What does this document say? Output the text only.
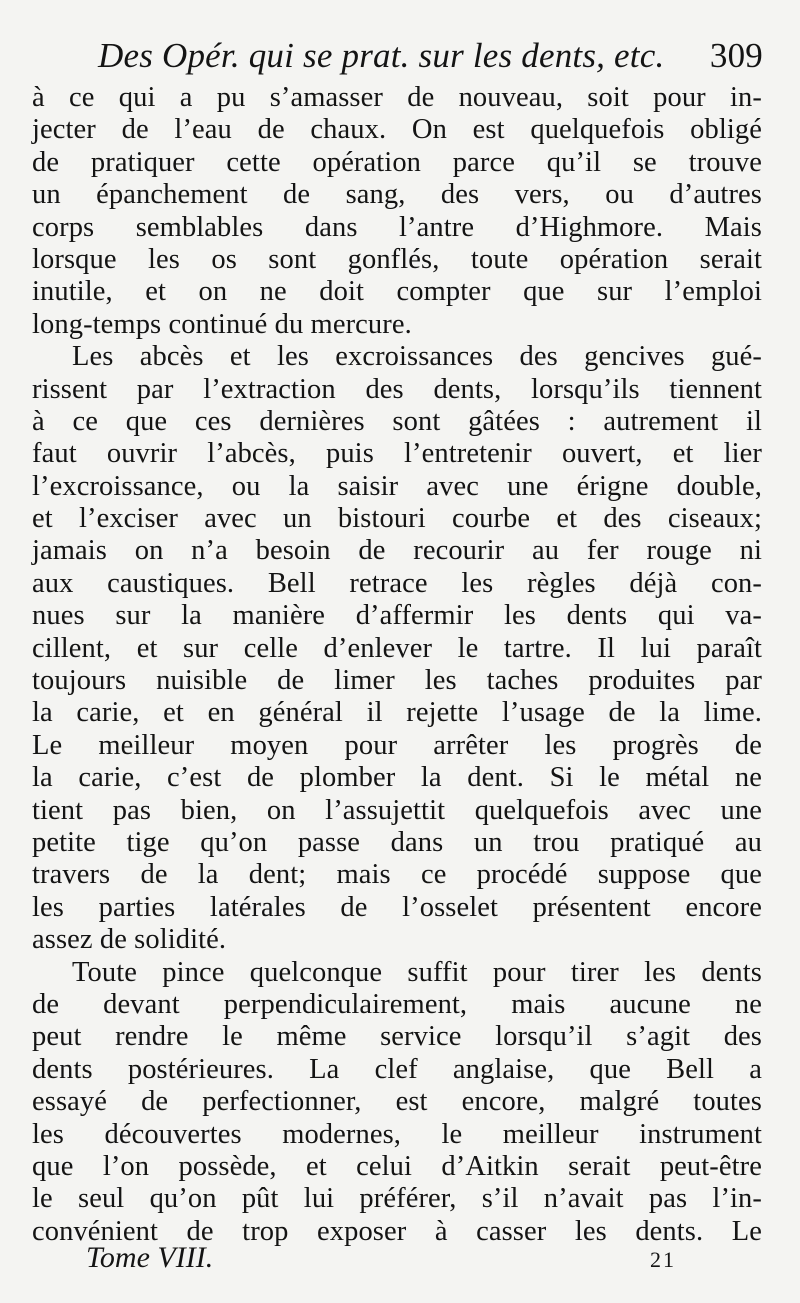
Des Opér. qui se prat. sur les dents, etc. 309
à ce qui a pu s’amasser de nouveau, soit pour in-
jecter de l’eau de chaux. On est quelquefois obligé
de pratiquer cette opération parce qu’il se trouve
un épanchement de sang, des vers, ou d’autres
corps semblables dans l’antre d’Highmore. Mais
lorsque les os sont gonflés, toute opération serait
inutile, et on ne doit compter que sur l’emploi
long-temps continué du mercure.
Les abcès et les excroissances des gencives gué-
rissent par l’extraction des dents, lorsqu’ils tiennent
à ce que ces dernières sont gâtées : autrement il
faut ouvrir l’abcès, puis l’entretenir ouvert, et lier
l’excroissance, ou la saisir avec une érigne double,
et l’exciser avec un bistouri courbe et des ciseaux;
jamais on n’a besoin de recourir au fer rouge ni
aux caustiques. Bell retrace les règles déjà con-
nues sur la manière d’affermir les dents qui va-
cillent, et sur celle d’enlever le tartre. Il lui paraît
toujours nuisible de limer les taches produites par
la carie, et en général il rejette l’usage de la lime.
Le meilleur moyen pour arrêter les progrès de
la carie, c’est de plomber la dent. Si le métal ne
tient pas bien, on l’assujettit quelquefois avec une
petite tige qu’on passe dans un trou pratiqué au
travers de la dent; mais ce procédé suppose que
les parties latérales de l’osselet présentent encore
assez de solidité.
Toute pince quelconque suffit pour tirer les dents
de devant perpendiculairement, mais aucune ne
peut rendre le même service lorsqu’il s’agit des
dents postérieures. La clef anglaise, que Bell a
essayé de perfectionner, est encore, malgré toutes
les découvertes modernes, le meilleur instrument
que l’on possède, et celui d’Aitkin serait peut-être
le seul qu’on pût lui préférer, s’il n’avait pas l’in-
convénient de trop exposer à casser les dents. Le
Tome VIII.	21
